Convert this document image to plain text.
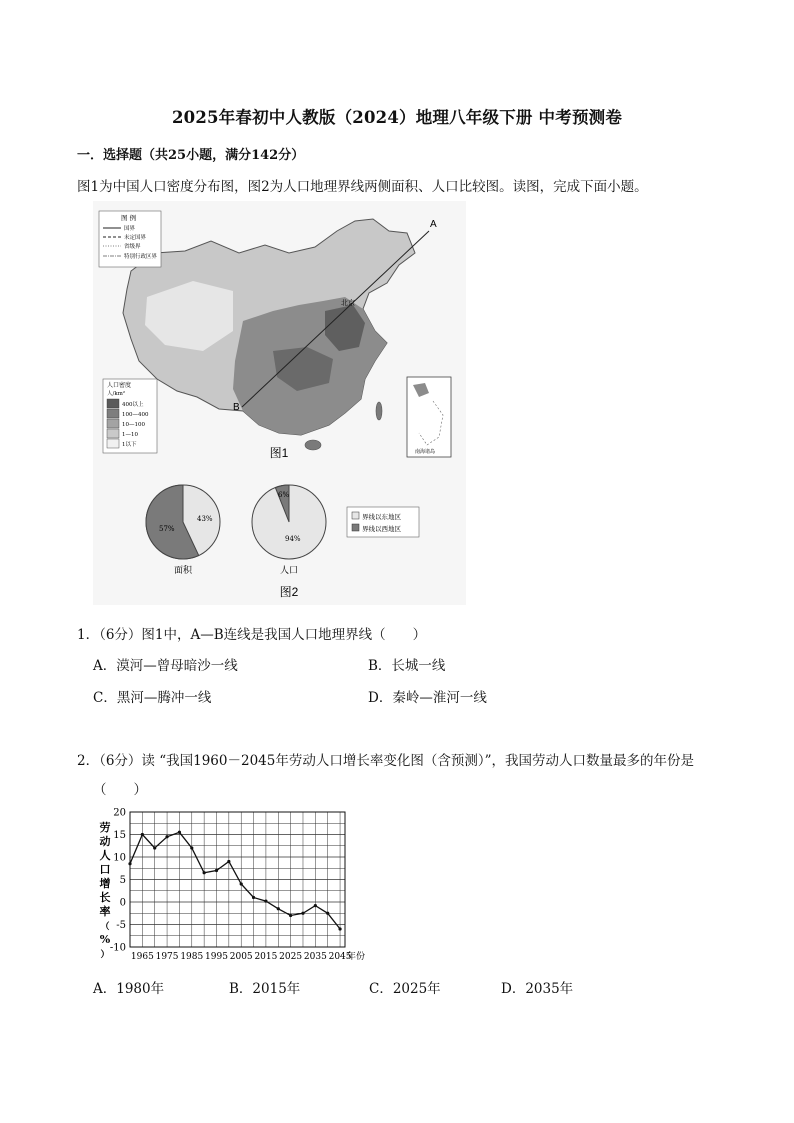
2025年春初中人教版（2024）地理八年级下册 中考预测卷
一．选择题（共25小题，满分142分）
图1为中国人口密度分布图，图2为人口地理界线两侧面积、人口比较图。读图，完成下面小题。
A
B
北京
图 例
国界
未定国界
省级界
特别行政区界
人口密度
人/km²
400以上
100—400
10—100
1—10
1以下
南海诸岛
图1
43%
57%
面积
6%
94%
人口
界线以东地区
界线以西地区
图2
1．（6分）图1中，A—B连线是我国人口地理界线（　　）
A．漠河—曾母暗沙一线	B．长城一线
C．黑河—腾冲一线	D．秦岭—淮河一线
2．（6分）读 “我国1960－2045年劳动人口增长率变化图（含预测）”，我国劳动人口数量最多的年份是
（　　）
20
15
10
5
0
-5
-10
1965 1975 1985 1995 2005 2015 2025 2035 2045
年份
劳动人口增长率（%）
A．1980年	B．2015年	C．2025年	D．2035年
